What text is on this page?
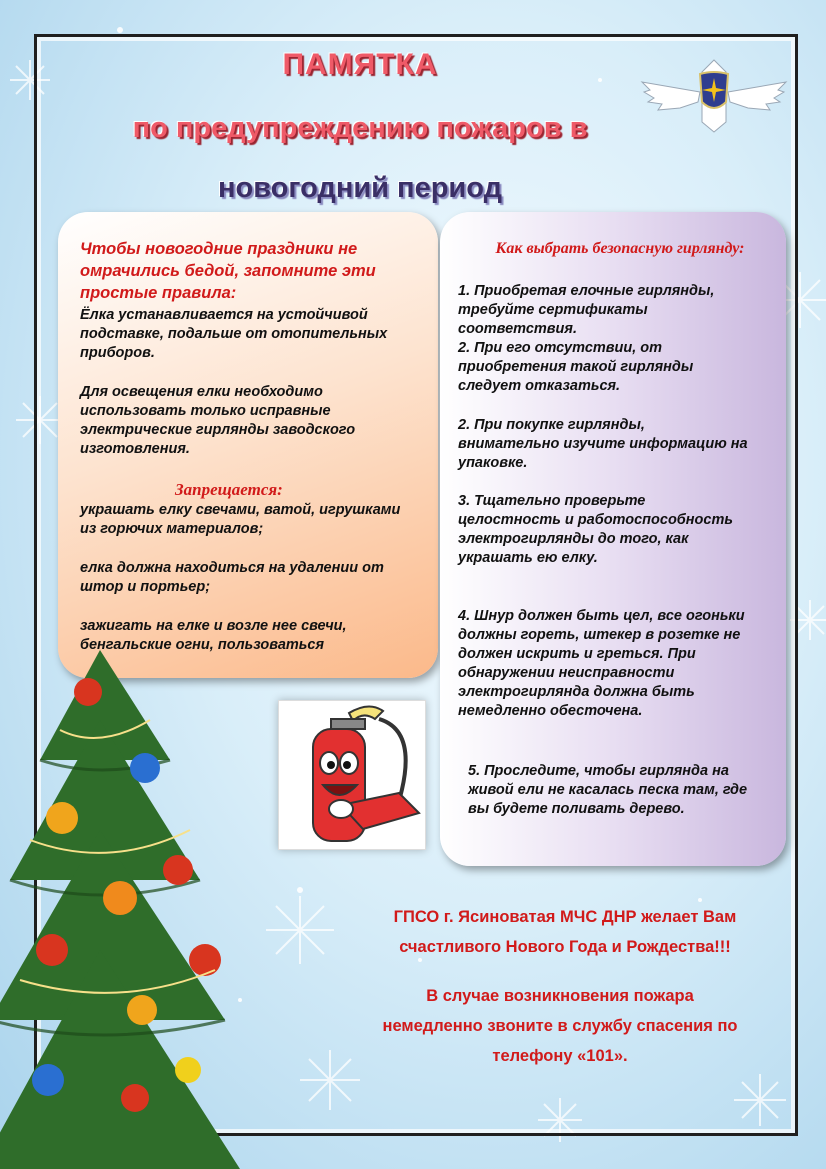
ПАМЯТКА
по предупреждению пожаров в
новогодний период
Чтобы новогодние праздники не омрачились бедой, запомните эти простые правила:
Ёлка устанавливается на устойчивой подставке, подальше от отопительных приборов.
Для освещения елки необходимо использовать только исправные электрические гирлянды заводского изготовления.
Запрещается:
украшать елку свечами, ватой, игрушками из горючих материалов;
елка должна находиться на удалении от штор и портьер;
зажигать на елке и возле нее свечи, бенгальские огни, пользоваться
Как выбрать безопасную гирлянду:
1. Приобретая елочные гирлянды, требуйте сертификаты соответствия.
2. При его отсутствии, от приобретения такой гирлянды следует отказаться.
2. При покупке гирлянды, внимательно изучите информацию на упаковке.
3. Тщательно проверьте целостность и работоспособность электрогирлянды до того, как украшать ею елку.
4. Шнур должен быть цел, все огоньки должны гореть, штекер в розетке не должен искрить и греться. При обнаружении неисправности электрогирлянда должна быть немедленно обесточена.
5. Проследите, чтобы гирлянда на живой ели не касалась песка там, где вы будете поливать дерево.
ГПСО г. Ясиноватая МЧС ДНР желает Вам счастливого Нового Года и Рождества!!!
В случае возникновения пожара немедленно звоните в службу спасения по телефону «101».
